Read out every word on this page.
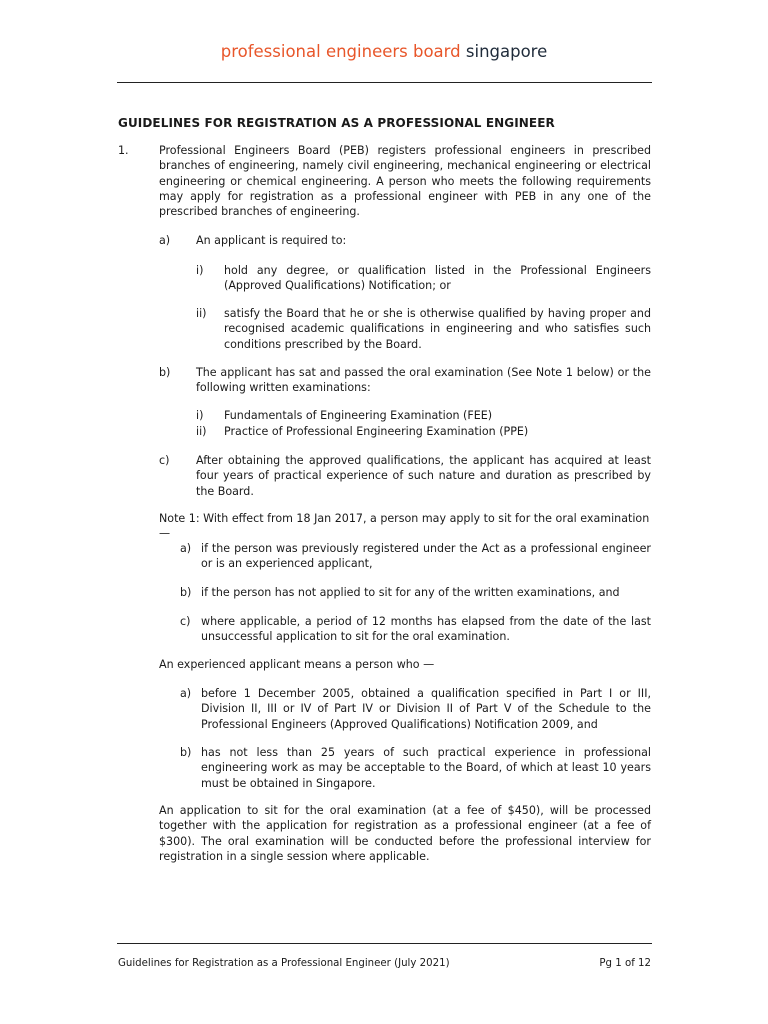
professional engineers board singapore
GUIDELINES FOR REGISTRATION AS A PROFESSIONAL ENGINEER
1.	Professional Engineers Board (PEB) registers professional engineers in prescribed branches of engineering, namely civil engineering, mechanical engineering or electrical engineering or chemical engineering. A person who meets the following requirements may apply for registration as a professional engineer with PEB in any one of the prescribed branches of engineering.
a) An applicant is required to:
i) hold any degree, or qualification listed in the Professional Engineers (Approved Qualifications) Notification; or
ii) satisfy the Board that he or she is otherwise qualified by having proper and recognised academic qualifications in engineering and who satisfies such conditions prescribed by the Board.
b) The applicant has sat and passed the oral examination (See Note 1 below) or the following written examinations:
i) Fundamentals of Engineering Examination (FEE)
ii) Practice of Professional Engineering Examination (PPE)
c) After obtaining the approved qualifications, the applicant has acquired at least four years of practical experience of such nature and duration as prescribed by the Board.
Note 1: With effect from 18 Jan 2017, a person may apply to sit for the oral examination—
a) if the person was previously registered under the Act as a professional engineer or is an experienced applicant,
b) if the person has not applied to sit for any of the written examinations, and
c) where applicable, a period of 12 months has elapsed from the date of the last unsuccessful application to sit for the oral examination.
An experienced applicant means a person who —
a) before 1 December 2005, obtained a qualification specified in Part I or III, Division II, III or IV of Part IV or Division II of Part V of the Schedule to the Professional Engineers (Approved Qualifications) Notification 2009, and
b) has not less than 25 years of such practical experience in professional engineering work as may be acceptable to the Board, of which at least 10 years must be obtained in Singapore.
An application to sit for the oral examination (at a fee of $450), will be processed together with the application for registration as a professional engineer (at a fee of $300). The oral examination will be conducted before the professional interview for registration in a single session where applicable.
Guidelines for Registration as a Professional Engineer (July 2021)	Pg 1 of 12
